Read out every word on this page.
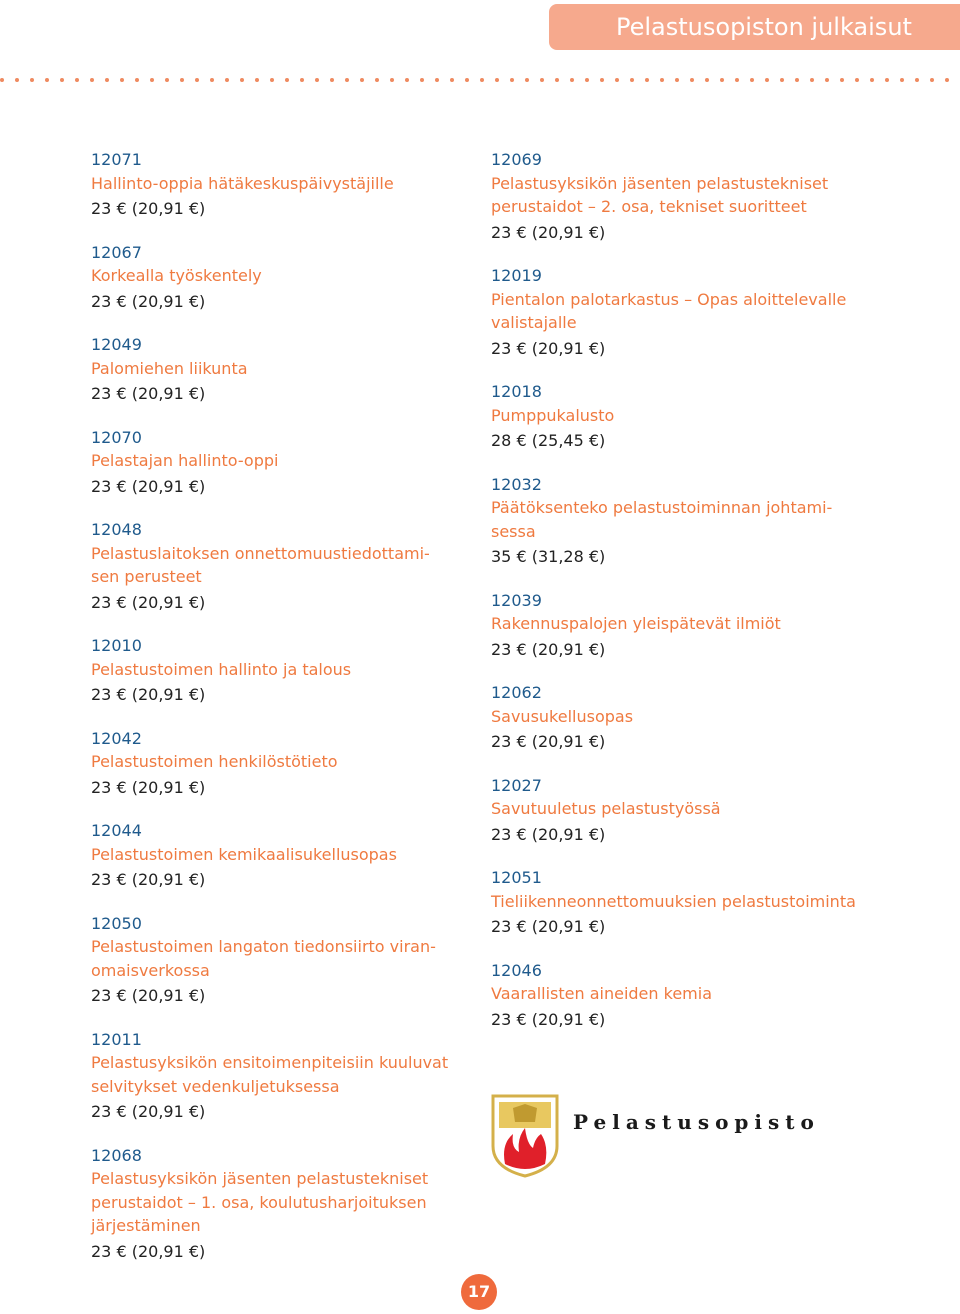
Pelastusopiston julkaisut
12071
Hallinto-oppia hätäkeskuspäivystäjille
23 € (20,91 €)
12067
Korkealla työskentely
23 € (20,91 €)
12049
Palomiehen liikunta
23 € (20,91 €)
12070
Pelastajan hallinto-oppi
23 € (20,91 €)
12048
Pelastuslaitoksen onnettomuustiedottami-
sen perusteet
23 € (20,91 €)
12010
Pelastustoimen hallinto ja talous
23 € (20,91 €)
12042
Pelastustoimen henkilöstötieto
23 € (20,91 €)
12044
Pelastustoimen kemikaalisukellusopas
23 € (20,91 €)
12050
Pelastustoimen langaton tiedonsiirto viran-
omaisverkossa
23 € (20,91 €)
12011
Pelastusyksikön ensitoimenpiteisiin kuuluvat
selvitykset vedenkuljetuksessa
23 € (20,91 €)
12068
Pelastusyksikön jäsenten pelastustekniset
perustaidot – 1. osa, koulutusharjoituksen
järjestäminen
23 € (20,91 €)
12069
Pelastusyksikön jäsenten pelastustekniset
perustaidot – 2. osa, tekniset suoritteet
23 € (20,91 €)
12019
Pientalon palotarkastus – Opas aloittelevalle
valistajalle
23 € (20,91 €)
12018
Pumppukalusto
28 € (25,45 €)
12032
Päätöksenteko pelastustoiminnan johtami-
sessa
35 € (31,28 €)
12039
Rakennuspalojen yleispätevät ilmiöt
23 € (20,91 €)
12062
Savusukellusopas
23 € (20,91 €)
12027
Savutuuletus pelastustyössä
23 € (20,91 €)
12051
Tieliikenneonnettomuuksien pelastustoiminta
23 € (20,91 €)
12046
Vaarallisten aineiden kemia
23 € (20,91 €)
Pelastusopisto
17
